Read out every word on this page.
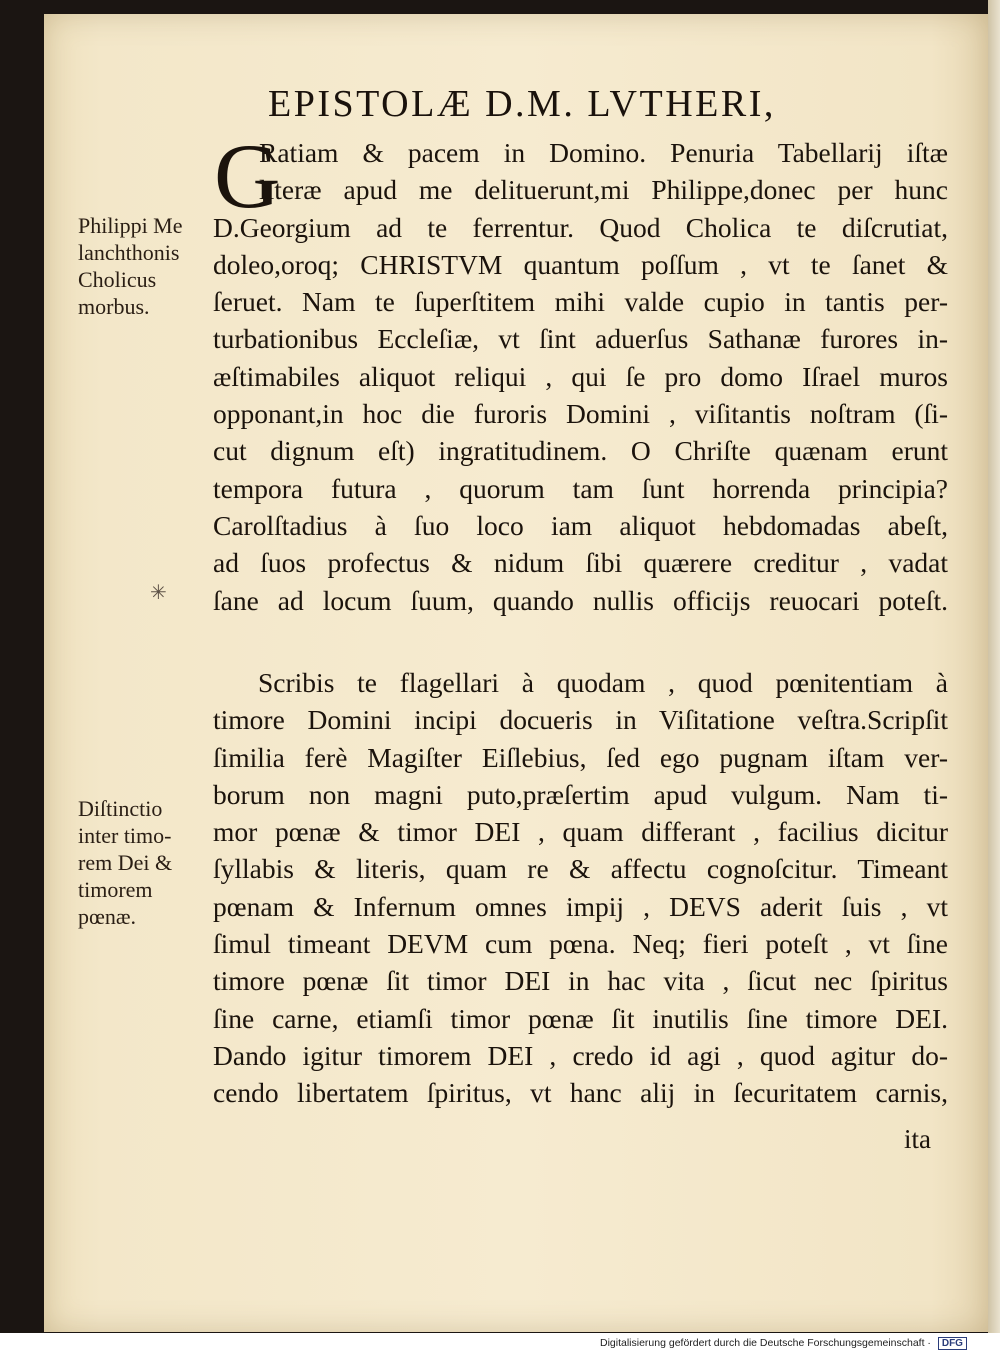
EPISTOLÆ D.M. LVTHERI,
G
Ratiam & pacem in Domino. Penuria Tabellarij iſtæ
literæ apud me delituerunt,mi Philippe,donec per hunc
D.Georgium ad te ferrentur. Quod Cholica te diſcrutiat,
doleo,oroq; CHRISTVM quantum poſſum , vt te ſanet &
ſeruet. Nam te ſuperſtitem mihi valde cupio in tantis per-
turbationibus Eccleſiæ, vt ſint aduerſus Sathanæ furores in-
æſtimabiles aliquot reliqui , qui ſe pro domo Iſrael muros
opponant,in hoc die furoris Domini , viſitantis noſtram (ſi-
cut dignum eſt) ingratitudinem. O Chriſte quænam erunt
tempora futura , quorum tam ſunt horrenda principia?
Carolſtadius à ſuo loco iam aliquot hebdomadas abeſt,
ad ſuos profectus & nidum ſibi quærere creditur , vadat
ſane ad locum ſuum, quando nullis officijs reuocari poteſt.
Scribis te flagellari à quodam , quod pœnitentiam à
timore Domini incipi docueris in Viſitatione veſtra.Scripſit
ſimilia ferè Magiſter Eiſlebius, ſed ego pugnam iſtam ver-
borum non magni puto,præſertim apud vulgum. Nam ti-
mor pœnæ & timor DEI , quam differant , facilius dicitur
ſyllabis & literis, quam re & affectu cognoſcitur. Timeant
pœnam & Infernum omnes impij , DEVS aderit ſuis , vt
ſimul timeant DEVM cum pœna. Neq; fieri poteſt , vt ſine
timore pœnæ ſit timor DEI in hac vita , ſicut nec ſpiritus
ſine carne, etiamſi timor pœnæ ſit inutilis ſine timore DEI.
Dando igitur timorem DEI , credo id agi , quod agitur do-
cendo libertatem ſpiritus, vt hanc alij in ſecuritatem carnis,
ita
Philippi Me
lanchthonis
Cholicus
morbus.
✳
Diſtinctio
inter timo-
rem Dei &
timorem
pœnæ.
Digitalisierung gefördert durch die Deutsche Forschungsgemeinschaft · DFG
